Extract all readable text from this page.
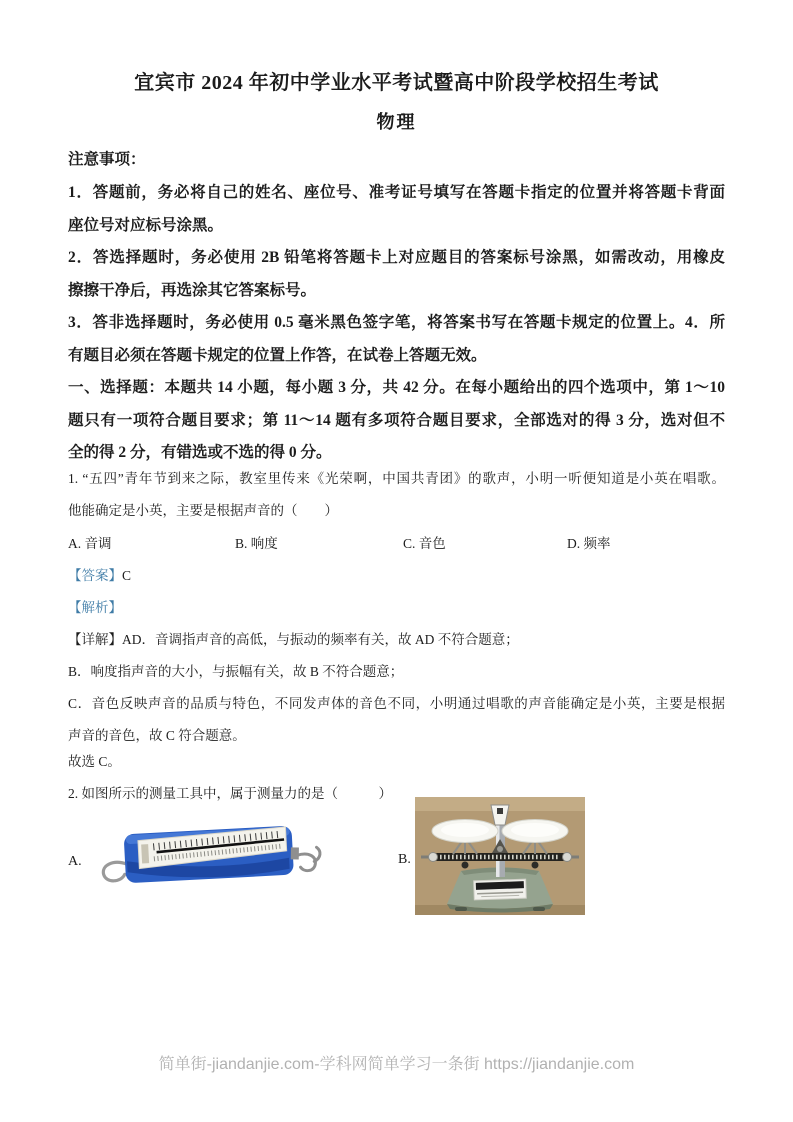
宜宾市 2024 年初中学业水平考试暨高中阶段学校招生考试
物理
注意事项：
1．答题前，务必将自己的姓名、座位号、准考证号填写在答题卡指定的位置并将答题卡背面
座位号对应标号涂黑。
2．答选择题时，务必使用 2B 铅笔将答题卡上对应题目的答案标号涂黑，如需改动，用橡皮
擦擦干净后，再选涂其它答案标号。
3．答非选择题时，务必使用 0.5 毫米黑色签字笔，将答案书写在答题卡规定的位置上。4．所
有题目必须在答题卡规定的位置上作答，在试卷上答题无效。
一、选择题：本题共 14 小题，每小题 3 分，共 42 分。在每小题给出的四个选项中，第 1～10
题只有一项符合题目要求；第 11～14 题有多项符合题目要求，全部选对的得 3 分，选对但不
全的得 2 分，有错选或不选的得 0 分。
1. “五四”青年节到来之际，教室里传来《光荣啊，中国共青团》的歌声，小明一听便知道是小英在唱歌。
他能确定是小英，主要是根据声音的（　　）
A. 音调	B. 响度	C. 音色	D. 频率
【答案】C
【解析】
【详解】AD．音调指声音的高低，与振动的频率有关，故 AD 不符合题意；
B．响度指声音的大小，与振幅有关，故 B 不符合题意；
C．音色反映声音的品质与特色，不同发声体的音色不同，小明通过唱歌的声音能确定是小英，主要是根据
声音的音色，故 C 符合题意。
故选 C。
2. 如图所示的测量工具中，属于测量力的是（　　　）
A.	B.
简单街-jiandanjie.com-学科网简单学习一条街 https://jiandanjie.com
